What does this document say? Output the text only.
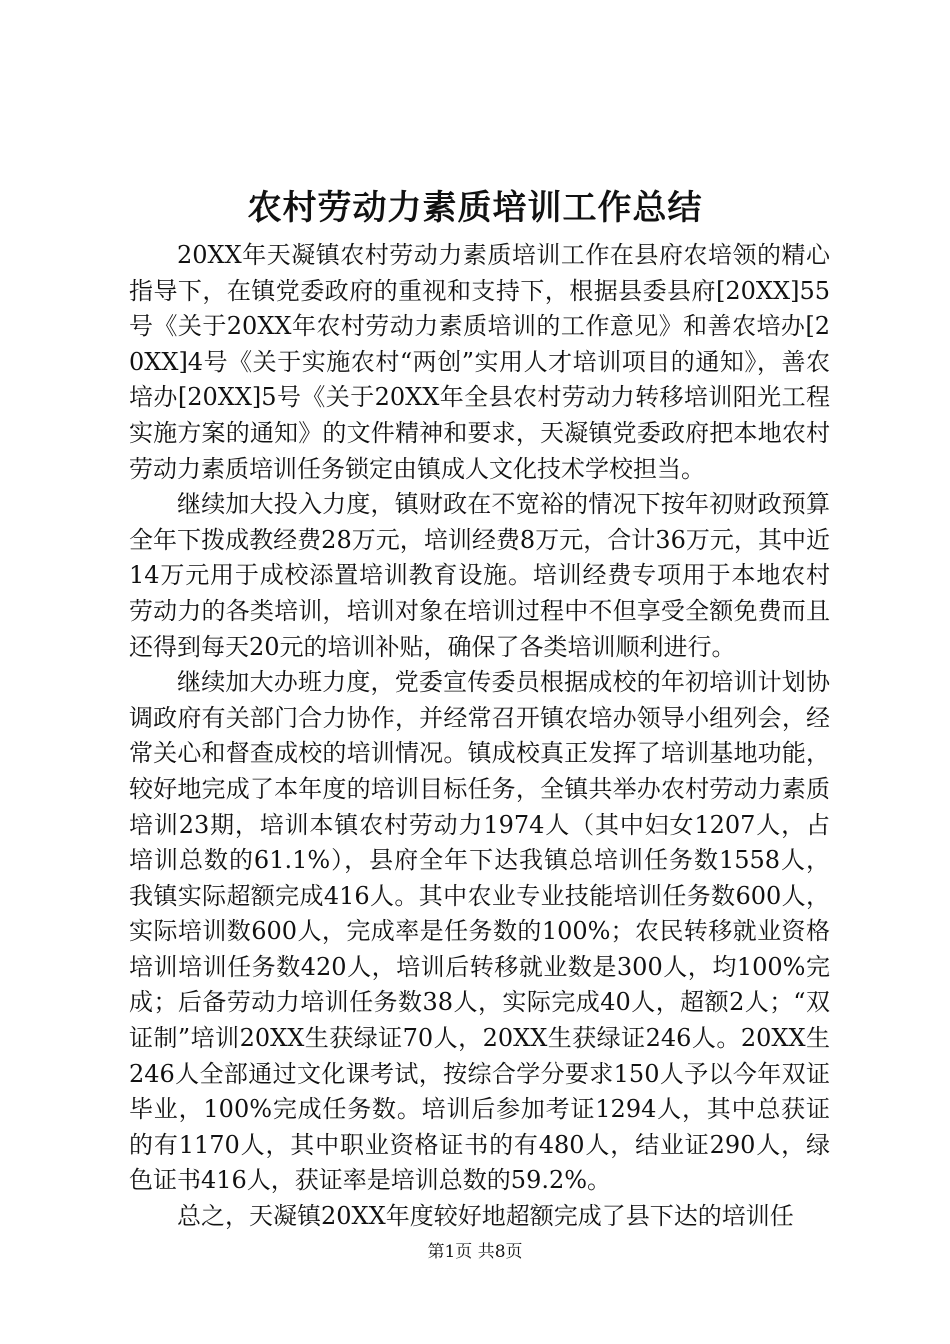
农村劳动力素质培训工作总结

20XX年天凝镇农村劳动力素质培训工作在县府农培领的精心指导下，在镇党委政府的重视和支持下，根据县委县府[20XX]55号《关于20XX年农村劳动力素质培训的工作意见》和善农培办[20XX]4号《关于实施农村“两创”实用人才培训项目的通知》，善农培办[20XX]5号《关于20XX年全县农村劳动力转移培训阳光工程实施方案的通知》的文件精神和要求，天凝镇党委政府把本地农村劳动力素质培训任务锁定由镇成人文化技术学校担当。

继续加大投入力度，镇财政在不宽裕的情况下按年初财政预算全年下拨成教经费28万元，培训经费8万元，合计36万元，其中近14万元用于成校添置培训教育设施。培训经费专项用于本地农村劳动力的各类培训，培训对象在培训过程中不但享受全额免费而且还得到每天20元的培训补贴，确保了各类培训顺利进行。

继续加大办班力度，党委宣传委员根据成校的年初培训计划协调政府有关部门合力协作，并经常召开镇农培办领导小组列会，经常关心和督查成校的培训情况。镇成校真正发挥了培训基地功能，较好地完成了本年度的培训目标任务，全镇共举办农村劳动力素质培训23期，培训本镇农村劳动力1974人（其中妇女1207人，占培训总数的61.1%），县府全年下达我镇总培训任务数1558人，我镇实际超额完成416人。其中农业专业技能培训任务数600人，实际培训数600人，完成率是任务数的100%；农民转移就业资格培训培训任务数420人，培训后转移就业数是300人，均100%完成；后备劳动力培训任务数38人，实际完成40人，超额2人；“双证制”培训20XX生获绿证70人，20XX生获绿证246人。20XX生246人全部通过文化课考试，按综合学分要求150人予以今年双证毕业，100%完成任务数。培训后参加考证1294人，其中总获证的有1170人，其中职业资格证书的有480人，结业证290人，绿色证书416人，获证率是培训总数的59.2%。

总之，天凝镇20XX年度较好地超额完成了县下达的培训任

第1页 共8页
